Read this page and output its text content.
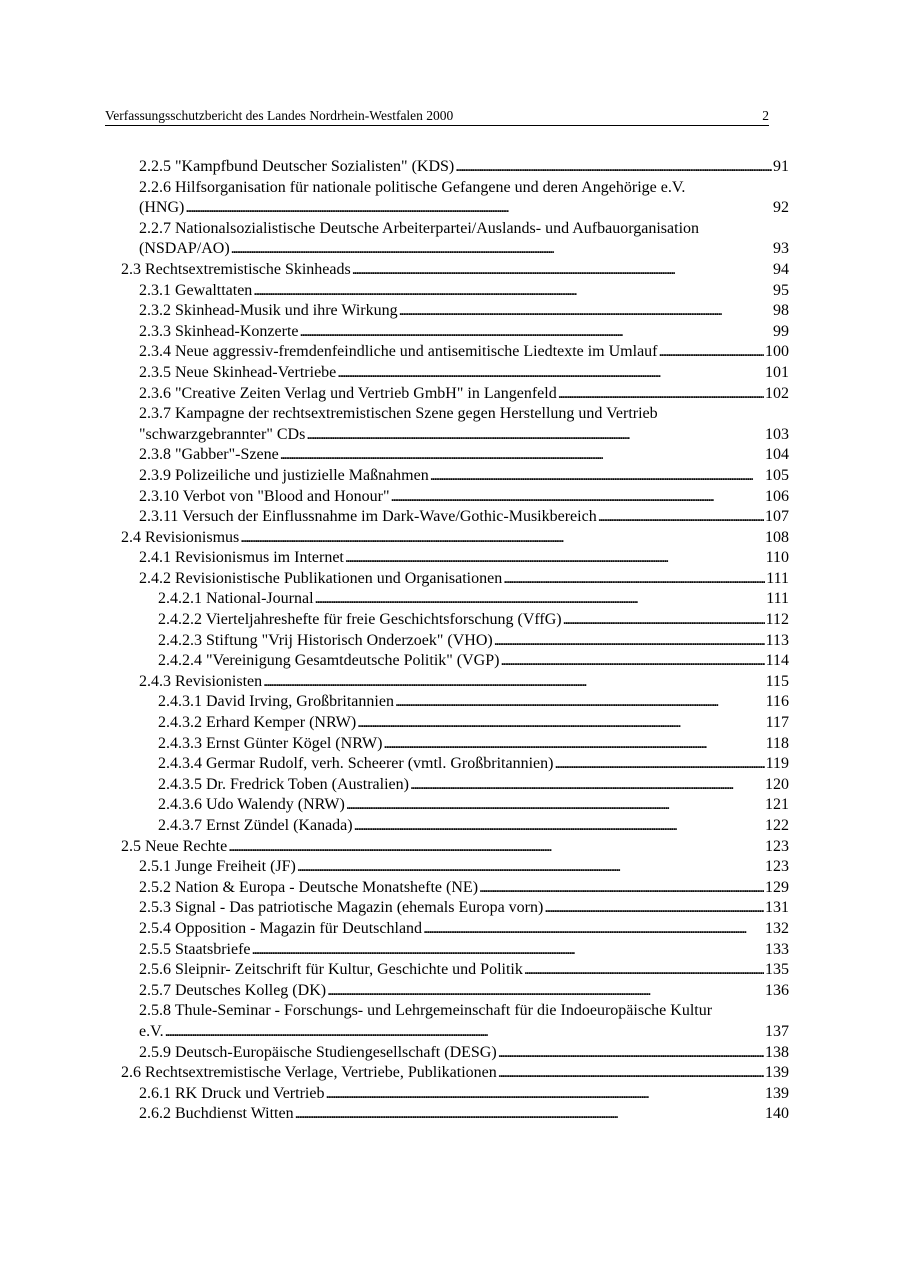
Verfassungsschutzbericht des Landes Nordrhein-Westfalen 2000	2
2.2.5 "Kampfbund Deutscher Sozialisten" (KDS) . . .	91
2.2.6 Hilfsorganisation für nationale politische Gefangene und deren Angehörige e.V.
(HNG) . . .	92
2.2.7 Nationalsozialistische Deutsche Arbeiterpartei/Auslands- und Aufbauorganisation
(NSDAP/AO) . . .	93
2.3 Rechtsextremistische Skinheads . . .	94
2.3.1 Gewalttaten . . .	95
2.3.2 Skinhead-Musik und ihre Wirkung . . .	98
2.3.3 Skinhead-Konzerte . . .	99
2.3.4 Neue aggressiv-fremdenfeindliche und antisemitische Liedtexte im Umlauf . . .	100
2.3.5 Neue Skinhead-Vertriebe . . .	101
2.3.6 "Creative Zeiten Verlag und Vertrieb GmbH" in Langenfeld . . .	102
2.3.7 Kampagne der rechtsextremistischen Szene gegen Herstellung und Vertrieb
"schwarzgebrannter" CDs . . .	103
2.3.8 "Gabber"-Szene . . .	104
2.3.9 Polizeiliche und justizielle Maßnahmen . . .	105
2.3.10 Verbot von "Blood and Honour" . . .	106
2.3.11 Versuch der Einflussnahme im Dark-Wave/Gothic-Musikbereich . . .	107
2.4 Revisionismus . . .	108
2.4.1 Revisionismus im Internet . . .	110
2.4.2 Revisionistische Publikationen und Organisationen . . .	111
2.4.2.1 National-Journal . . .	111
2.4.2.2 Vierteljahreshefte für freie Geschichtsforschung (VffG) . . .	112
2.4.2.3 Stiftung "Vrij Historisch Onderzoek" (VHO) . . .	113
2.4.2.4 "Vereinigung Gesamtdeutsche Politik" (VGP) . . .	114
2.4.3 Revisionisten . . .	115
2.4.3.1 David Irving, Großbritannien . . .	116
2.4.3.2 Erhard Kemper (NRW) . . .	117
2.4.3.3 Ernst Günter Kögel (NRW) . . .	118
2.4.3.4 Germar Rudolf, verh. Scheerer (vmtl. Großbritannien) . . .	119
2.4.3.5 Dr. Fredrick Toben (Australien) . . .	120
2.4.3.6 Udo Walendy (NRW) . . .	121
2.4.3.7 Ernst Zündel (Kanada) . . .	122
2.5 Neue Rechte . . .	123
2.5.1 Junge Freiheit (JF) . . .	123
2.5.2 Nation & Europa - Deutsche Monatshefte (NE) . . .	129
2.5.3 Signal - Das patriotische Magazin (ehemals Europa vorn) . . .	131
2.5.4 Opposition - Magazin für Deutschland . . .	132
2.5.5 Staatsbriefe . . .	133
2.5.6 Sleipnir- Zeitschrift für Kultur, Geschichte und Politik . . .	135
2.5.7 Deutsches Kolleg (DK) . . .	136
2.5.8 Thule-Seminar - Forschungs- und Lehrgemeinschaft für die Indoeuropäische Kultur
e.V. . . .	137
2.5.9 Deutsch-Europäische Studiengesellschaft (DESG) . . .	138
2.6 Rechtsextremistische Verlage, Vertriebe, Publikationen . . .	139
2.6.1 RK Druck und Vertrieb . . .	139
2.6.2 Buchdienst Witten . . .	140
